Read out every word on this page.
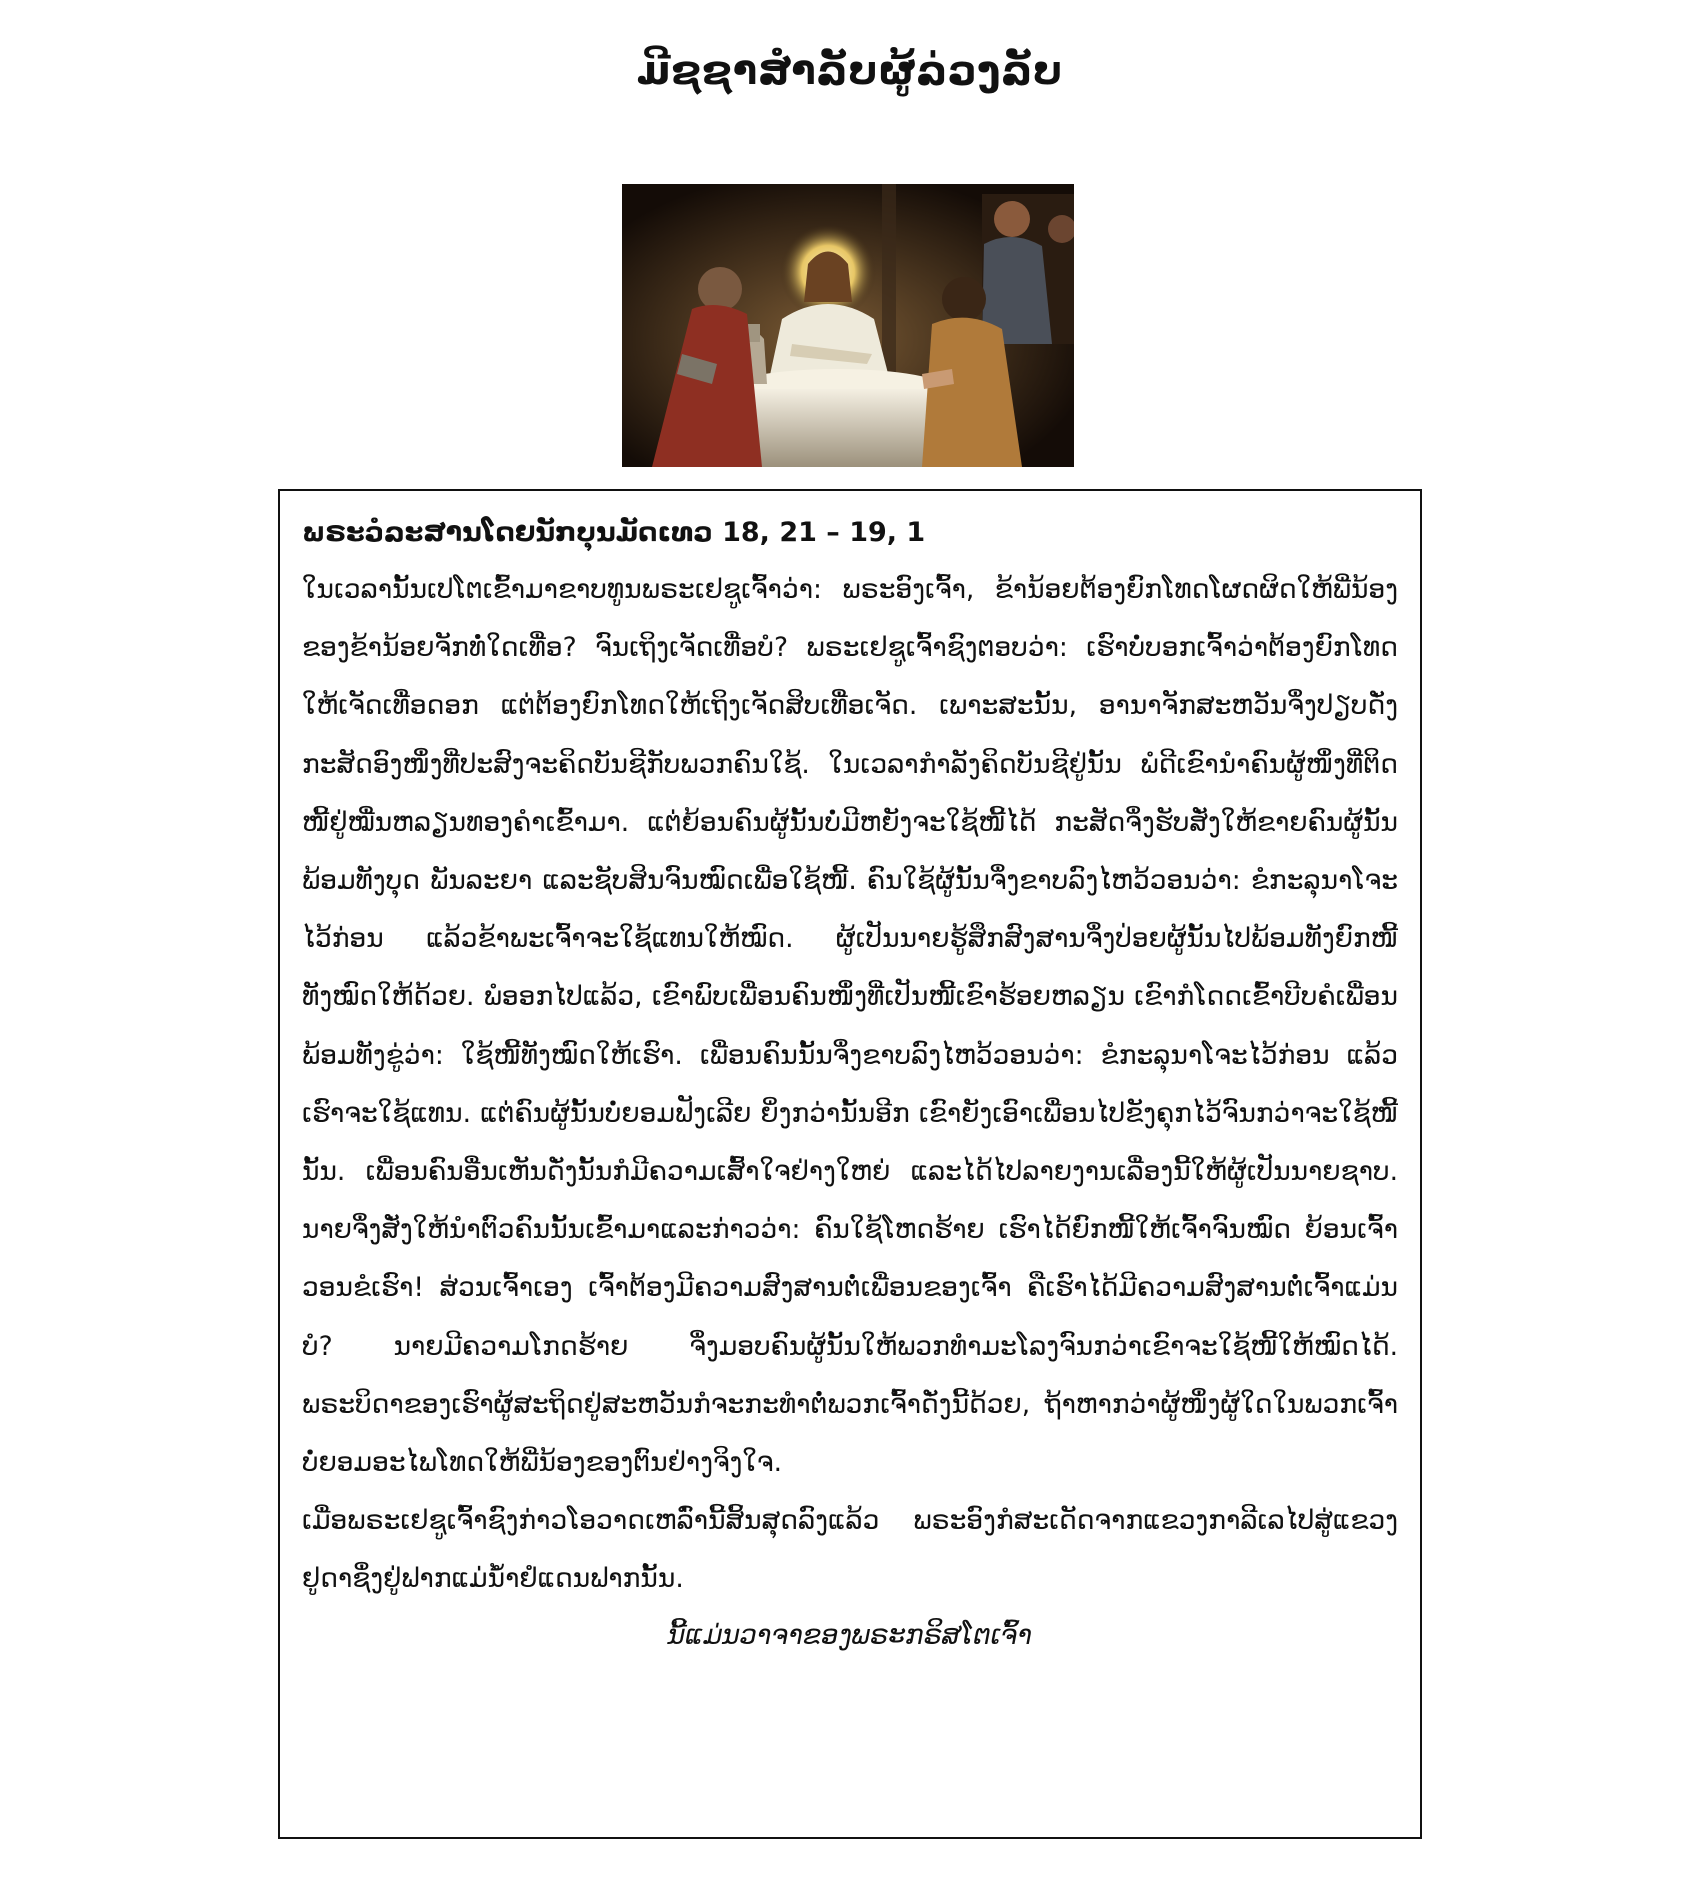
ມີຊຊາສຳລັບຜູ້ລ່ວງລັບ
ພຣະວໍລະສານໂດຍນັກບຸນມັດເທວ 18, 21 – 19, 1

ໃນເວລານັ້ນເປໂຕເຂົ້າມາຂາບທູນພຣະເຢຊູເຈົ້າວ່າ: ພຣະອົງເຈົ້າ, ຂ້ານ້ອຍຕ້ອງຍົກໂທດໂຜດຜິດໃຫ້ພີ່ນ້ອງຂອງຂ້ານ້ອຍຈັກທໍ່ໃດເທື່ອ? ຈົນເຖິງເຈັດເທື່ອບໍ? ພຣະເຢຊູເຈົ້າຊົງຕອບວ່າ: ເຮົາບໍ່ບອກເຈົ້າວ່າຕ້ອງຍົກໂທດໃຫ້ເຈັດເທື່ອດອກ ແຕ່ຕ້ອງຍົກໂທດໃຫ້ເຖິງເຈັດສິບເທື່ອເຈັດ. ເພາະສະນັ້ນ, ອານາຈັກສະຫວັນຈຶ່ງປຽບດັ່ງກະສັດອົງໜຶ່ງທີ່ປະສົງຈະຄິດບັນຊີກັບພວກຄົນໃຊ້. ໃນເວລາກຳລັງຄິດບັນຊີຢູ່ນັ້ນ ພໍດີເຂົານຳຄົນຜູ້ໜຶ່ງທີ່ຕິດໜີ້ຢູ່ໝື່ນຫລຽນທອງຄຳເຂົ້າມາ. ແຕ່ຍ້ອນຄົນຜູ້ນັ້ນບໍ່ມີຫຍັງຈະໃຊ້ໜີ້ໄດ້ ກະສັດຈຶ່ງຮັບສັ່ງໃຫ້ຂາຍຄົນຜູ້ນັ້ນພ້ອມທັງບຸດ ພັນລະຍາ ແລະຊັບສິນຈົນໝົດເພື່ອໃຊ້ໜີ້. ຄົນໃຊ້ຜູ້ນັ້ນຈຶ່ງຂາບລົງໄຫວ້ວອນວ່າ: ຂໍກະລຸນາໂຈະໄວ້ກ່ອນ ແລ້ວຂ້າພະເຈົ້າຈະໃຊ້ແທນໃຫ້ໝົດ. ຜູ້ເປັນນາຍຮູ້ສຶກສົງສານຈຶ່ງປ່ອຍຜູ້ນັ້ນໄປພ້ອມທັງຍົກໜີ້ທັງໝົດໃຫ້ດ້ວຍ. ພໍອອກໄປແລ້ວ, ເຂົາພົບເພື່ອນຄົນໜຶ່ງທີ່ເປັນໜີ້ເຂົາຮ້ອຍຫລຽນ ເຂົາກໍໂດດເຂົ້າບີບຄໍເພື່ອນພ້ອມທັງຂູ່ວ່າ: ໃຊ້ໜີ້ທັງໝົດໃຫ້ເຮົາ. ເພື່ອນຄົນນັ້ນຈຶ່ງຂາບລົງໄຫວ້ວອນວ່າ: ຂໍກະລຸນາໂຈະໄວ້ກ່ອນ ແລ້ວເຮົາຈະໃຊ້ແທນ. ແຕ່ຄົນຜູ້ນັ້ນບໍ່ຍອມຟັງເລີຍ ຍິ່ງກວ່ານັ້ນອີກ ເຂົາຍັງເອົາເພື່ອນໄປຂັງຄຸກໄວ້ຈົນກວ່າຈະໃຊ້ໜີ້ນັ້ນ. ເພື່ອນຄົນອື່ນເຫັນດັ່ງນັ້ນກໍມີຄວາມເສົ້າໃຈຢ່າງໃຫຍ່ ແລະໄດ້ໄປລາຍງານເລື່ອງນີ້ໃຫ້ຜູ້ເປັນນາຍຊາບ. ນາຍຈຶ່ງສັ່ງໃຫ້ນຳຕົວຄົນນັ້ນເຂົ້າມາແລະກ່າວວ່າ: ຄົນໃຊ້ໂຫດຮ້າຍ ເຮົາໄດ້ຍົກໜີ້ໃຫ້ເຈົ້າຈົນໝົດ ຍ້ອນເຈົ້າວອນຂໍເຮົາ! ສ່ວນເຈົ້າເອງ ເຈົ້າຕ້ອງມີຄວາມສົງສານຕໍ່ເພື່ອນຂອງເຈົ້າ ຄືເຮົາໄດ້ມີຄວາມສົງສານຕໍ່ເຈົ້າແມ່ນບໍ? ນາຍມີຄວາມໂກດຮ້າຍ ຈຶ່ງມອບຄົນຜູ້ນັ້ນໃຫ້ພວກທຳມະໂລງຈົນກວ່າເຂົາຈະໃຊ້ໜີ້ໃຫ້ໝົດໄດ້. ພຣະບິດາຂອງເຮົາຜູ້ສະຖິດຢູ່ສະຫວັນກໍຈະກະທຳຕໍ່ພວກເຈົ້າດັ່ງນີ້ດ້ວຍ, ຖ້າຫາກວ່າຜູ້ໜຶ່ງຜູ້ໃດໃນພວກເຈົ້າບໍ່ຍອມອະໄພໂທດໃຫ້ພີ່ນ້ອງຂອງຕົນຢ່າງຈິງໃຈ.

ເມື່ອພຣະເຢຊູເຈົ້າຊົງກ່າວໂອວາດເຫລົ່ານີ້ສິ້ນສຸດລົງແລ້ວ ພຣະອົງກໍສະເດັດຈາກແຂວງກາລີເລໄປສູ່ແຂວງຢູດາຊຶ່ງຢູ່ຟາກແມ່ນ້ຳຢໍແດນຟາກນັ້ນ.

ນີ້ແມ່ນວາຈາຂອງພຣະກຣິສໂຕເຈົ້າ
